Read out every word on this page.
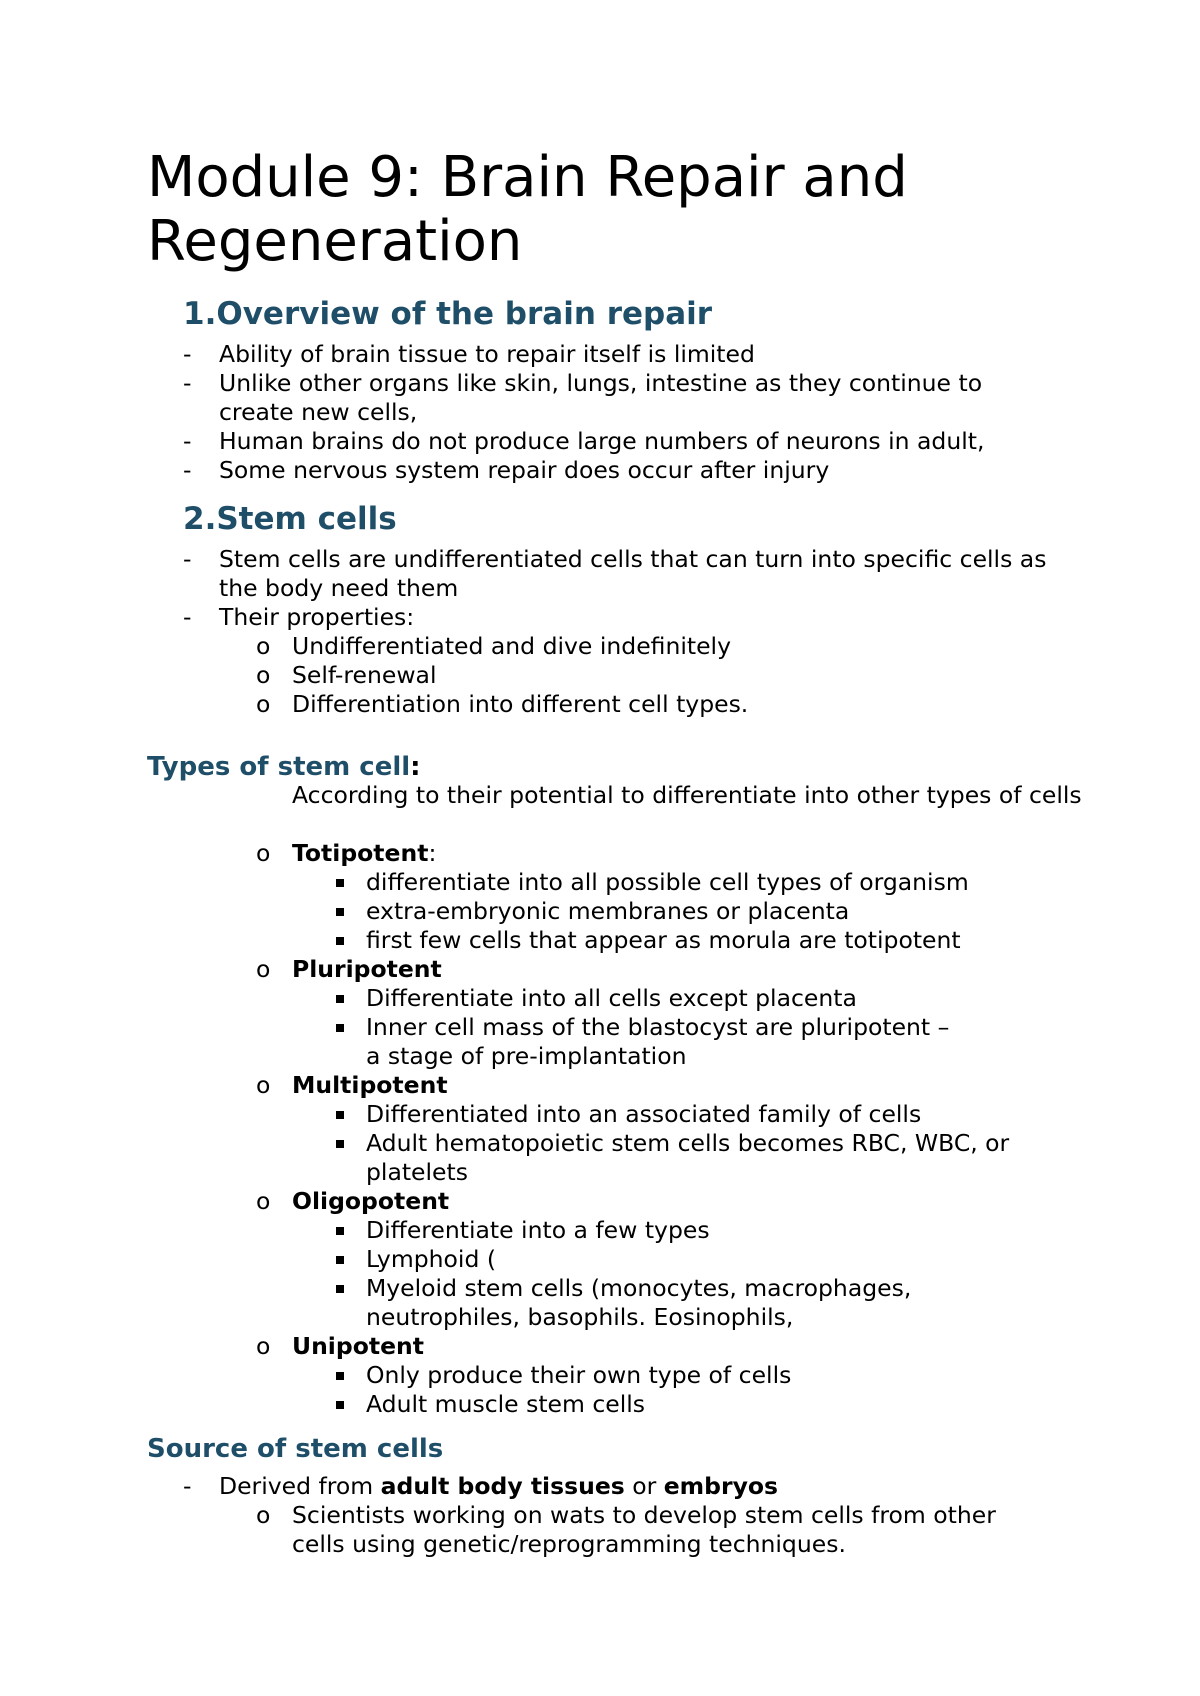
Module 9: Brain Repair and Regeneration
1.Overview of the brain repair
-	Ability of brain tissue to repair itself is limited
-	Unlike other organs like skin, lungs, intestine as they continue to create new cells,
-	Human brains do not produce large numbers of neurons in adult,
-	Some nervous system repair does occur after injury
2.Stem cells
-	Stem cells are undifferentiated cells that can turn into specific cells as the body need them
-	Their properties:
o Undifferentiated and dive indefinitely
o Self-renewal
o Differentiation into different cell types.
Types of stem cell:
According to their potential to differentiate into other types of cells
o Totipotent:
differentiate into all possible cell types of organism
extra-embryonic membranes or placenta
first few cells that appear as morula are totipotent
o Pluripotent
Differentiate into all cells except placenta
Inner cell mass of the blastocyst are pluripotent – a stage of pre-implantation
o Multipotent
Differentiated into an associated family of cells
Adult hematopoietic stem cells becomes RBC, WBC, or platelets
o Oligopotent
Differentiate into a few types
Lymphoid (
Myeloid stem cells (monocytes, macrophages, neutrophiles, basophils. Eosinophils,
o Unipotent
Only produce their own type of cells
Adult muscle stem cells
Source of stem cells
-	Derived from adult body tissues or embryos
o Scientists working on wats to develop stem cells from other cells using genetic/reprogramming techniques.
